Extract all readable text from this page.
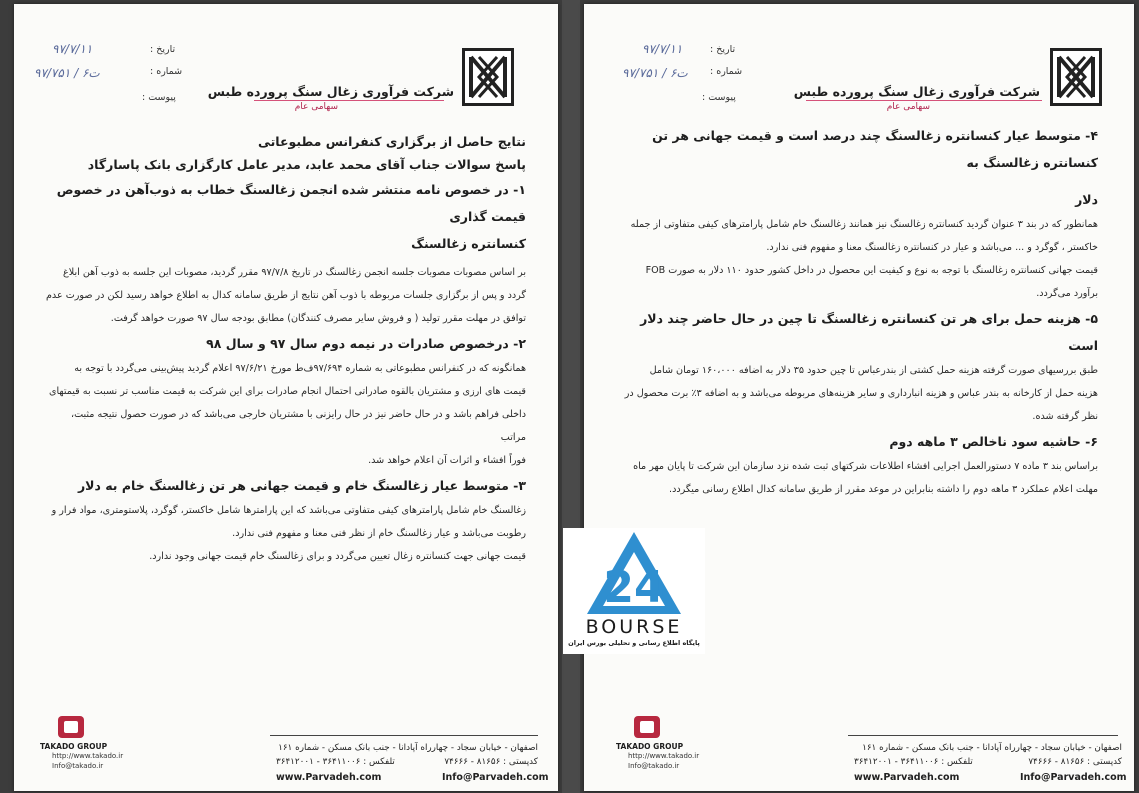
تاریخ :
شماره :
پیوست :
۹۷/۷/۱۱
۹۷/۷۵۱ / ۶ت
شرکت فرآوری زغال سنگ پرورده طبس
سهامی عام

نتایج حاصل از برگزاری کنفرانس مطبوعاتی

پاسخ سوالات جناب آقای محمد عابد، مدیر عامل کارگزاری بانک پاسارگاد

۱- در خصوص نامه منتشر شده انجمن زغالسنگ خطاب به ذوب‌آهن در خصوص قیمت گذاری

کنسانتره زغالسنگ

بر اساس مصوبات مصوبات جلسه انجمن زغالسنگ در تاریخ ۹۷/۷/۸ مقرر گردید، مصوبات این جلسه به ذوب آهن ابلاغ

گردد و پس از برگزاری جلسات مربوطه با ذوب آهن نتایج از طریق سامانه کدال به اطلاع خواهد رسید لکن در صورت عدم

توافق در مهلت مقرر تولید ( و فروش سایر مصرف کنندگان) مطابق بودجه سال ۹۷ صورت خواهد گرفت.

۲- درخصوص صادرات در نیمه دوم سال ۹۷ و سال ۹۸

همانگونه که در کنفرانس مطبوعاتی به شماره ۹۷/۶۹۴ف‌ط مورخ ۹۷/۶/۲۱ اعلام گردید پیش‌بینی می‌گردد با توجه به

قیمت های ارزی و مشتریان بالقوه صادراتی احتمال انجام صادرات برای این شرکت به قیمت مناسب تر نسبت به قیمتهای

داخلی فراهم باشد و در حال حاضر نیز در حال رایزنی با مشتریان خارجی می‌باشد که در صورت حصول نتیجه مثبت، مراتب

فوراً افشاء و اثرات آن اعلام خواهد شد.

۳- متوسط عیار زغالسنگ خام و قیمت جهانی هر تن زغالسنگ خام به دلار

زغالسنگ خام شامل پارامترهای کیفی متفاوتی می‌باشد که این پارامترها شامل خاکستر، گوگرد، پلاستومتری، مواد فرار و

رطوبت می‌باشد و عیار زغالسنگ خام از نظر فنی معنا و مفهوم فنی ندارد.

قیمت جهانی جهت کنسانتره زغال تعیین می‌گردد و برای زغالسنگ خام قیمت جهانی وجود ندارد.

TAKADO GROUP
http://www.takado.ir
Info@takado.ir
اصفهان - خیابان سجاد - چهارراه آپادانا - جنب بانک مسکن - شماره ۱۶۱
کدپستی : ۸۱۶۵۶ - ۷۴۶۶۶
تلفکس : ۳۶۴۱۱۰۰۶ - ۳۶۴۱۲۰۰۱
www.Parvadeh.com	Info@Parvadeh.com
تاریخ :
شماره :
پیوست :
۹۷/۷/۱۱
۹۷/۷۵۱ / ۶ت
شرکت فرآوری زغال سنگ پرورده طبس
سهامی عام

۴- متوسط عیار کنسانتره زغالسنگ چند درصد است و قیمت جهانی هر تن کنسانتره زغالسنگ به

دلار

همانطور که در بند ۳ عنوان گردید کنسانتره زغالسنگ نیز همانند زغالسنگ خام شامل پارامترهای کیفی متفاوتی از جمله

خاکستر ، گوگرد و ... می‌باشد و عیار در کنسانتره زغالسنگ معنا و مفهوم فنی ندارد.

قیمت جهانی کنسانتره زغالسنگ با توجه به نوع و کیفیت این محصول در داخل کشور حدود ۱۱۰ دلار به صورت FOB

برآورد می‌گردد.

۵- هزینه حمل برای هر تن کنسانتره زغالسنگ تا چین در حال حاضر چند دلار است

طبق بررسیهای صورت گرفته هزینه حمل کشتی از بندرعباس تا چین حدود ۳۵ دلار به اضافه ۱۶۰،۰۰۰ تومان شامل

هزینه حمل از کارخانه به بندر عباس و هزینه انبارداری و سایر هزینه‌های مربوطه می‌باشد و به اضافه ۳٪ برت محصول در

نظر گرفته شده.

۶- حاشیه سود ناخالص ۳ ماهه دوم

براساس بند ۳ ماده ۷ دستورالعمل اجرایی افشاء اطلاعات شرکتهای ثبت شده نزد سازمان این شرکت تا پایان مهر ماه

مهلت اعلام عملکرد ۳ ماهه دوم را داشته بنابراین در موعد مقرر از طریق سامانه کدال اطلاع رسانی میگردد.

TAKADO GROUP
http://www.takado.ir
Info@takado.ir
اصفهان - خیابان سجاد - چهارراه آپادانا - جنب بانک مسکن - شماره ۱۶۱
کدپستی : ۸۱۶۵۶ - ۷۴۶۶۶
تلفکس : ۳۶۴۱۱۰۰۶ - ۳۶۴۱۲۰۰۱
www.Parvadeh.com	Info@Parvadeh.com
24
BOURSE
پایگاه اطلاع رسانی و تحلیلی بورس ایران
